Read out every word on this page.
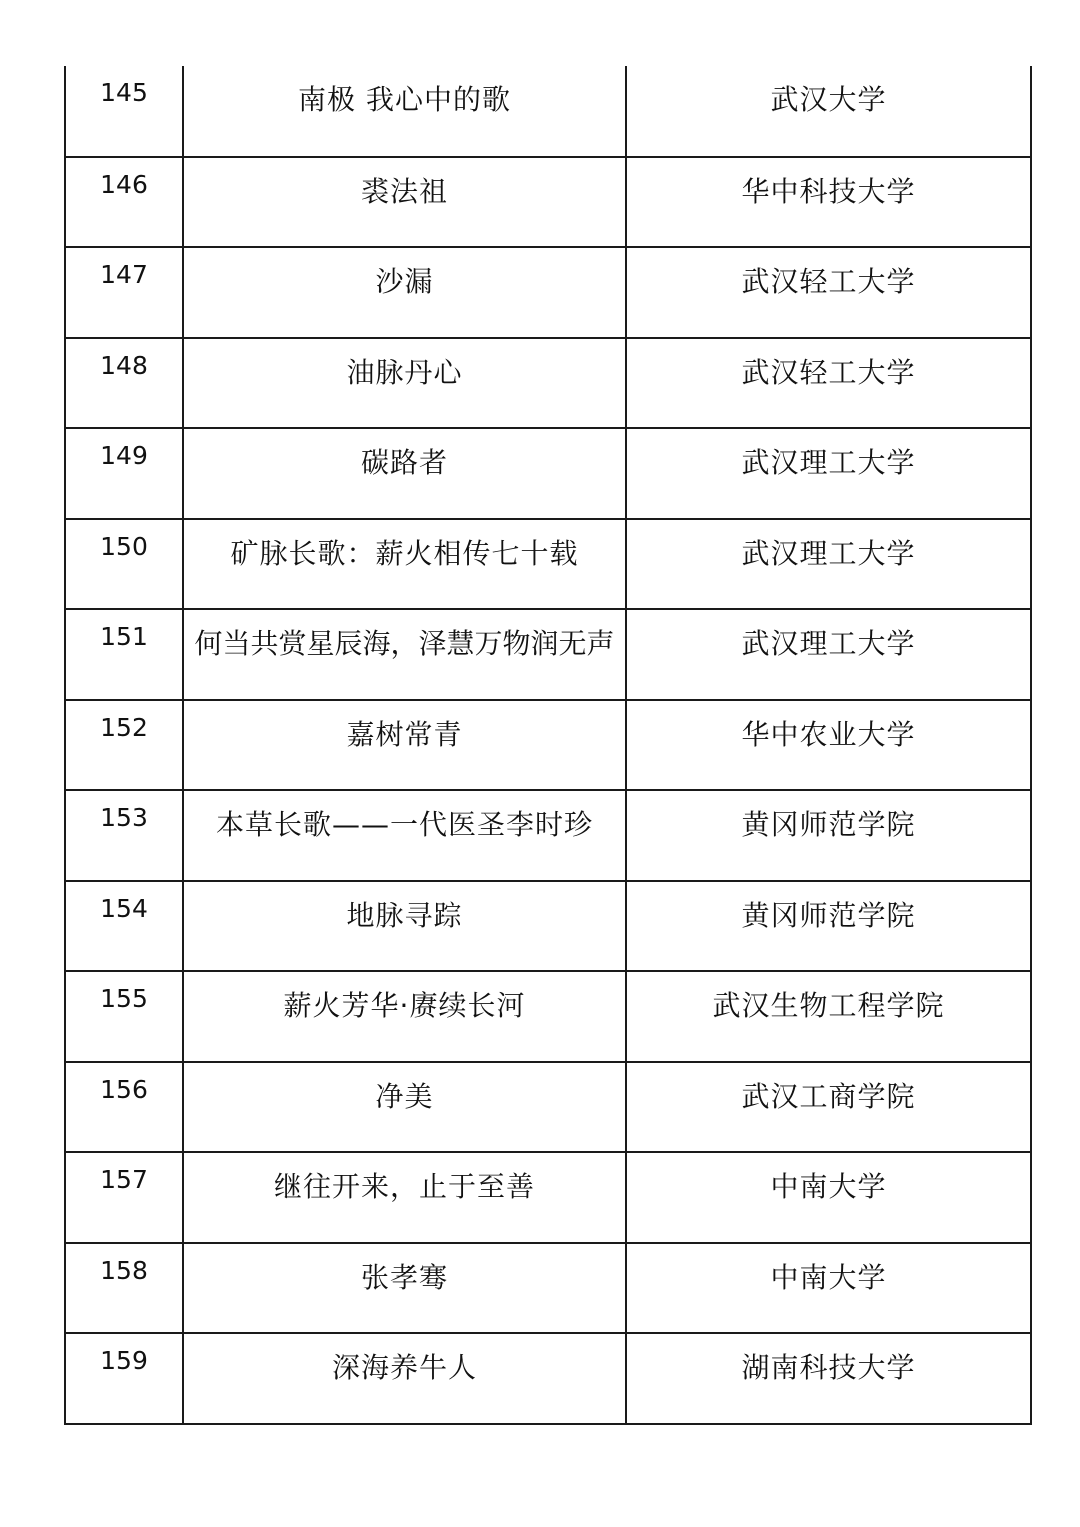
145	南极 我心中的歌	武汉大学
146	裘法祖	华中科技大学
147	沙漏	武汉轻工大学
148	油脉丹心	武汉轻工大学
149	碳路者	武汉理工大学
150	矿脉长歌：薪火相传七十载	武汉理工大学
151	何当共赏星辰海，泽慧万物润无声	武汉理工大学
152	嘉树常青	华中农业大学
153	本草长歌——一代医圣李时珍	黄冈师范学院
154	地脉寻踪	黄冈师范学院
155	薪火芳华·赓续长河	武汉生物工程学院
156	净美	武汉工商学院
157	继往开来，止于至善	中南大学
158	张孝骞	中南大学
159	深海养牛人	湖南科技大学
